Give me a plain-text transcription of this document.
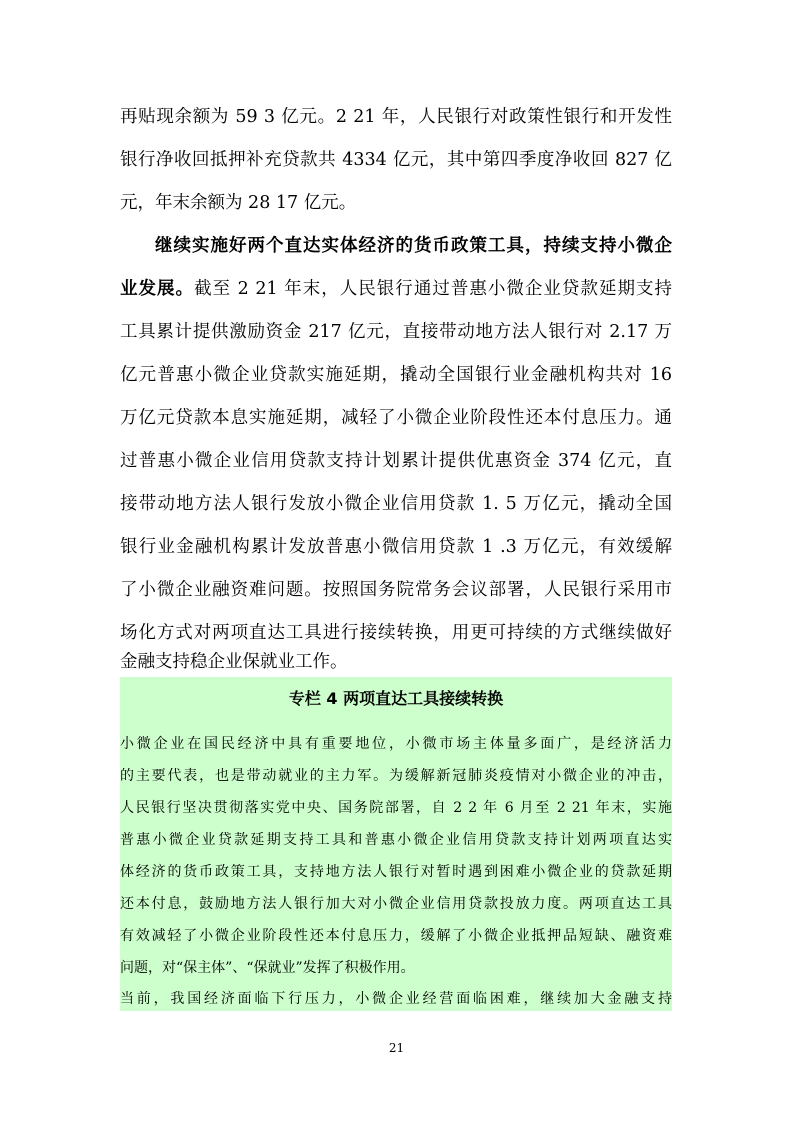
再贴现余额为 59 3 亿元。2 21 年，人民银行对政策性银行和开发性
银行净收回抵押补充贷款共 4334 亿元，其中第四季度净收回 827 亿
元，年末余额为 28 17 亿元。
继续实施好两个直达实体经济的货币政策工具，持续支持小微企
业发展。截至 2 21 年末，人民银行通过普惠小微企业贷款延期支持
工具累计提供激励资金 217 亿元，直接带动地方法人银行对 2.17 万
亿元普惠小微企业贷款实施延期，撬动全国银行业金融机构共对 16
万亿元贷款本息实施延期，减轻了小微企业阶段性还本付息压力。通
过普惠小微企业信用贷款支持计划累计提供优惠资金 374 亿元，直
接带动地方法人银行发放小微企业信用贷款 1. 5 万亿元，撬动全国
银行业金融机构累计发放普惠小微信用贷款 1 .3 万亿元，有效缓解
了小微企业融资难问题。按照国务院常务会议部署，人民银行采用市
场化方式对两项直达工具进行接续转换，用更可持续的方式继续做好
金融支持稳企业保就业工作。
专栏 4 两项直达工具接续转换
小微企业在国民经济中具有重要地位，小微市场主体量多面广，是经济活力
的主要代表，也是带动就业的主力军。为缓解新冠肺炎疫情对小微企业的冲击，
人民银行坚决贯彻落实党中央、国务院部署，自 2 2 年 6 月至 2 21 年末，实施
普惠小微企业贷款延期支持工具和普惠小微企业信用贷款支持计划两项直达实
体经济的货币政策工具，支持地方法人银行对暂时遇到困难小微企业的贷款延期
还本付息，鼓励地方法人银行加大对小微企业信用贷款投放力度。两项直达工具
有效减轻了小微企业阶段性还本付息压力，缓解了小微企业抵押品短缺、融资难
问题，对“保主体”、“保就业”发挥了积极作用。
当前，我国经济面临下行压力，小微企业经营面临困难，继续加大金融支持
21
